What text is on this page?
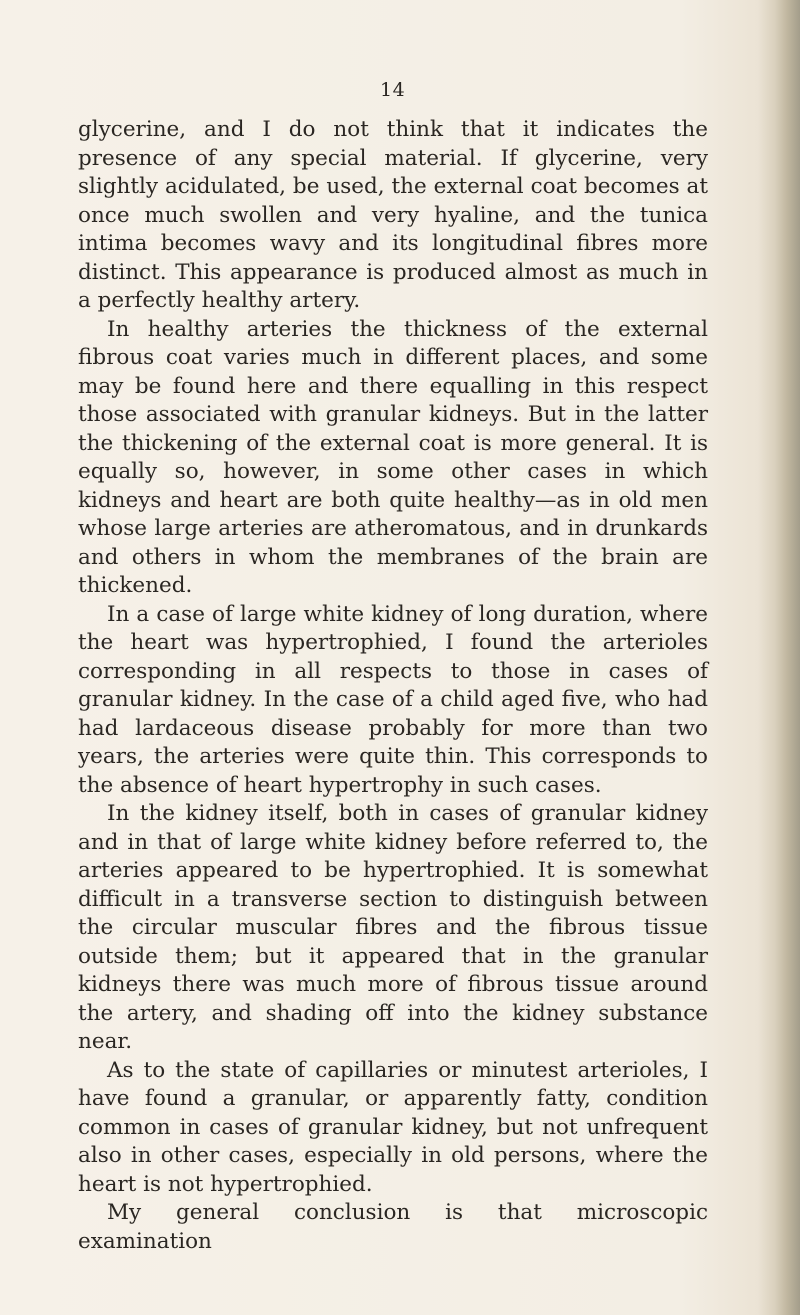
14

glycerine, and I do not think that it indicates the presence of any special material. If glycerine, very slightly acidulated, be used, the external coat becomes at once much swollen and very hyaline, and the tunica intima becomes wavy and its longitudinal fibres more distinct. This appearance is produced almost as much in a perfectly healthy artery.

In healthy arteries the thickness of the external fibrous coat varies much in different places, and some may be found here and there equalling in this respect those associated with granular kidneys. But in the latter the thickening of the external coat is more general. It is equally so, however, in some other cases in which kidneys and heart are both quite healthy—as in old men whose large arteries are atheromatous, and in drunkards and others in whom the membranes of the brain are thickened.

In a case of large white kidney of long duration, where the heart was hypertrophied, I found the arterioles corresponding in all respects to those in cases of granular kidney. In the case of a child aged five, who had had lardaceous disease probably for more than two years, the arteries were quite thin. This corresponds to the absence of heart hypertrophy in such cases.

In the kidney itself, both in cases of granular kidney and in that of large white kidney before referred to, the arteries appeared to be hypertrophied. It is somewhat difficult in a transverse section to distinguish between the circular muscular fibres and the fibrous tissue outside them; but it appeared that in the granular kidneys there was much more of fibrous tissue around the artery, and shading off into the kidney substance near.

As to the state of capillaries or minutest arterioles, I have found a granular, or apparently fatty, condition common in cases of granular kidney, but not unfrequent also in other cases, especially in old persons, where the heart is not hypertrophied.

My general conclusion is that microscopic examination
